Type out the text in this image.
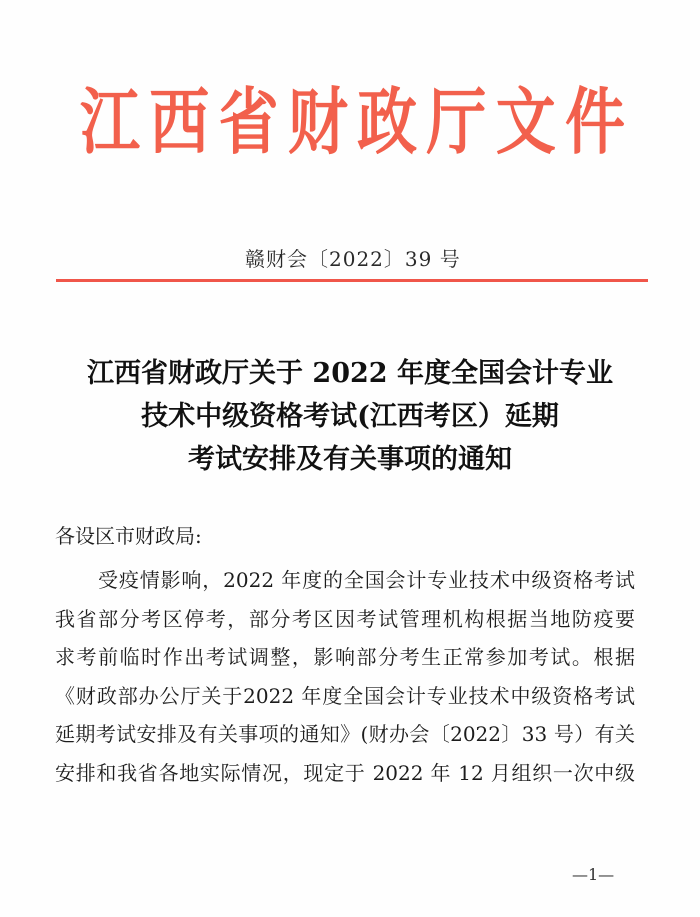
江 西 省 财 政 厅 文 件
赣财会〔2022〕39 号
江西省财政厅关于 2022 年度全国会计专业
技术中级资格考试(江西考区）延期
考试安排及有关事项的通知
各设区市财政局:
受疫情影响，2022 年度的全国会计专业技术中级资格考试
我省部分考区停考，部分考区因考试管理机构根据当地防疫要
求考前临时作出考试调整，影响部分考生正常参加考试。根据
《财政部办公厅关于2022 年度全国会计专业技术中级资格考试
延期考试安排及有关事项的通知》(财办会〔2022〕33 号）有关
安排和我省各地实际情况，现定于 2022 年 12 月组织一次中级
—1—
